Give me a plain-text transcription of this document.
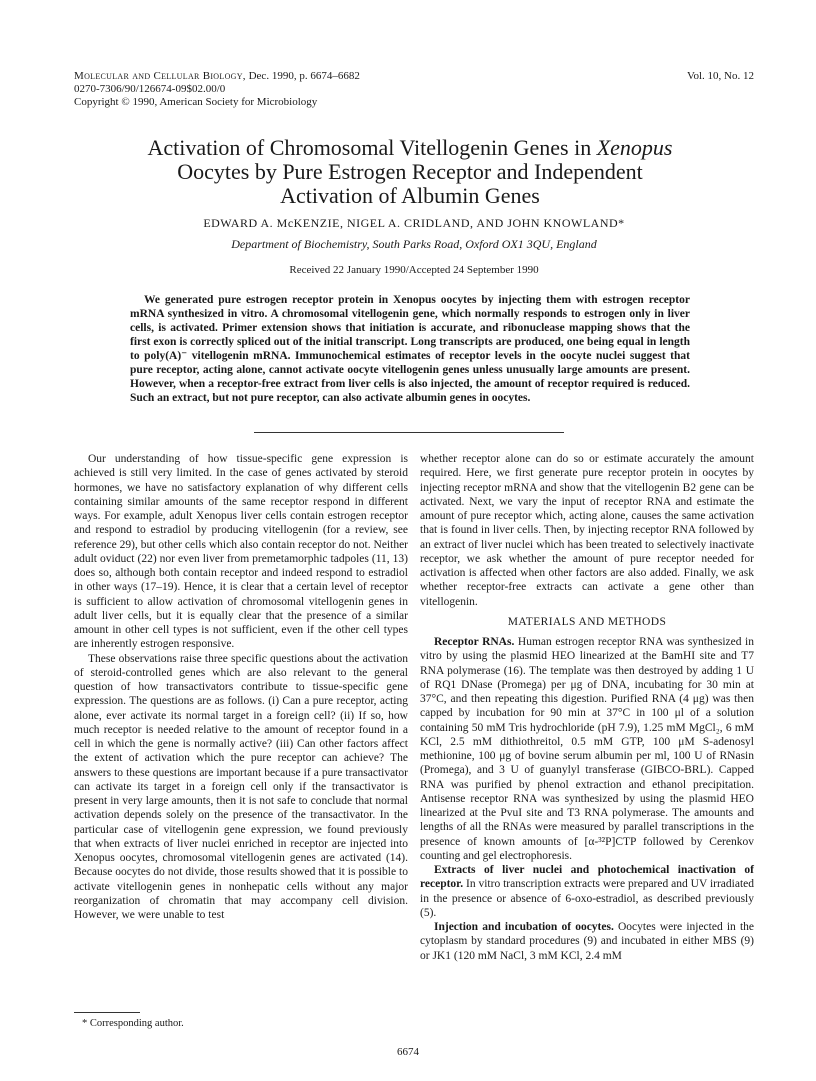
Molecular and Cellular Biology, Dec. 1990, p. 6674–6682
0270-7306/90/126674-09$02.00/0
Copyright © 1990, American Society for Microbiology
Vol. 10, No. 12
Activation of Chromosomal Vitellogenin Genes in Xenopus
Oocytes by Pure Estrogen Receptor and Independent
Activation of Albumin Genes
EDWARD A. McKENZIE, NIGEL A. CRIDLAND, AND JOHN KNOWLAND*
Department of Biochemistry, South Parks Road, Oxford OX1 3QU, England
Received 22 January 1990/Accepted 24 September 1990
We generated pure estrogen receptor protein in Xenopus oocytes by injecting them with estrogen receptor mRNA synthesized in vitro. A chromosomal vitellogenin gene, which normally responds to estrogen only in liver cells, is activated. Primer extension shows that initiation is accurate, and ribonuclease mapping shows that the first exon is correctly spliced out of the initial transcript. Long transcripts are produced, one being equal in length to poly(A)⁻ vitellogenin mRNA. Immunochemical estimates of receptor levels in the oocyte nuclei suggest that pure receptor, acting alone, cannot activate oocyte vitellogenin genes unless unusually large amounts are present. However, when a receptor-free extract from liver cells is also injected, the amount of receptor required is reduced. Such an extract, but not pure receptor, can also activate albumin genes in oocytes.

Our understanding of how tissue-specific gene expression is achieved is still very limited. In the case of genes activated by steroid hormones, we have no satisfactory explanation of why different cells containing similar amounts of the same receptor respond in different ways. For example, adult Xenopus liver cells contain estrogen receptor and respond to estradiol by producing vitellogenin (for a review, see reference 29), but other cells which also contain receptor do not. Neither adult oviduct (22) nor even liver from premetamorphic tadpoles (11, 13) does so, although both contain receptor and indeed respond to estradiol in other ways (17–19). Hence, it is clear that a certain level of receptor is sufficient to allow activation of chromosomal vitellogenin genes in adult liver cells, but it is equally clear that the presence of a similar amount in other cell types is not sufficient, even if the other cell types are inherently estrogen responsive.

These observations raise three specific questions about the activation of steroid-controlled genes which are also relevant to the general question of how transactivators contribute to tissue-specific gene expression. The questions are as follows. (i) Can a pure receptor, acting alone, ever activate its normal target in a foreign cell? (ii) If so, how much receptor is needed relative to the amount of receptor found in a cell in which the gene is normally active? (iii) Can other factors affect the extent of activation which the pure receptor can achieve? The answers to these questions are important because if a pure transactivator can activate its target in a foreign cell only if the transactivator is present in very large amounts, then it is not safe to conclude that normal activation depends solely on the presence of the transactivator. In the particular case of vitellogenin gene expression, we found previously that when extracts of liver nuclei enriched in receptor are injected into Xenopus oocytes, chromosomal vitellogenin genes are activated (14). Because oocytes do not divide, those results showed that it is possible to activate vitellogenin genes in nonhepatic cells without any major reorganization of chromatin that may accompany cell division. However, we were unable to test

whether receptor alone can do so or estimate accurately the amount required. Here, we first generate pure receptor protein in oocytes by injecting receptor mRNA and show that the vitellogenin B2 gene can be activated. Next, we vary the input of receptor RNA and estimate the amount of pure receptor which, acting alone, causes the same activation that is found in liver cells. Then, by injecting receptor RNA followed by an extract of liver nuclei which has been treated to selectively inactivate receptor, we ask whether the amount of pure receptor needed for activation is affected when other factors are also added. Finally, we ask whether receptor-free extracts can activate a gene other than vitellogenin.

MATERIALS AND METHODS

Receptor RNAs. Human estrogen receptor RNA was synthesized in vitro by using the plasmid HEO linearized at the BamHI site and T7 RNA polymerase (16). The template was then destroyed by adding 1 U of RQ1 DNase (Promega) per μg of DNA, incubating for 30 min at 37°C, and then repeating this digestion. Purified RNA (4 μg) was then capped by incubation for 90 min at 37°C in 100 μl of a solution containing 50 mM Tris hydrochloride (pH 7.9), 1.25 mM MgCl₂, 6 mM KCl, 2.5 mM dithiothreitol, 0.5 mM GTP, 100 μM S-adenosyl methionine, 100 μg of bovine serum albumin per ml, 100 U of RNasin (Promega), and 3 U of guanylyl transferase (GIBCO-BRL). Capped RNA was purified by phenol extraction and ethanol precipitation. Antisense receptor RNA was synthesized by using the plasmid HEO linearized at the PvuI site and T3 RNA polymerase. The amounts and lengths of all the RNAs were measured by parallel transcriptions in the presence of known amounts of [α-³²P]CTP followed by Cerenkov counting and gel electrophoresis.

Extracts of liver nuclei and photochemical inactivation of receptor. In vitro transcription extracts were prepared and UV irradiated in the presence or absence of 6-oxo-estradiol, as described previously (5).

Injection and incubation of oocytes. Oocytes were injected in the cytoplasm by standard procedures (9) and incubated in either MBS (9) or JK1 (120 mM NaCl, 3 mM KCl, 2.4 mM

* Corresponding author.
6674
